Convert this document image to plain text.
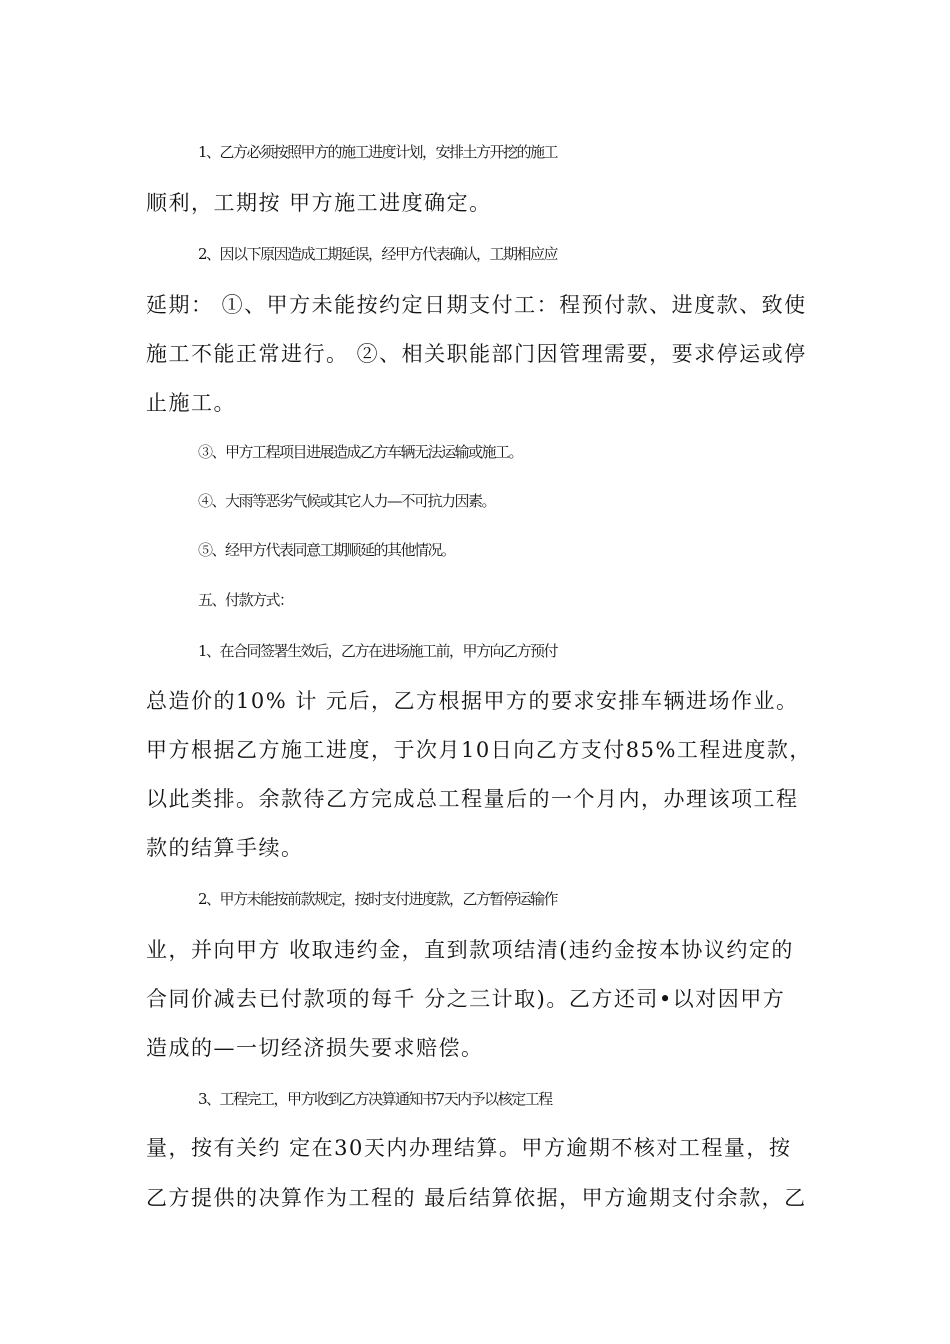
1、乙方必须按照甲方的施工进度计划，安排土方开挖的施工
顺利，工期按 甲方施工进度确定。
2、因以下原因造成工期延误，经甲方代表确认，工期相应应
延期： ①、甲方未能按约定日期支付工：程预付款、进度款、致使
施工不能正常进行。 ②、相关职能部门因管理需要，要求停运或停
止施工。
③、甲方工程项目进展造成乙方车辆无法运输或施工。
④、大雨等恶劣气候或其它人力—不可抗力因素。
⑤、经甲方代表同意工期顺延的其他情况。
五、付款方式：
1、在合同签署生效后，乙方在进场施工前，甲方向乙方预付
总造价的10% 计 元后，乙方根据甲方的要求安排车辆进场作业。
甲方根据乙方施工进度，于次月10日向乙方支付85%工程进度款，
以此类排。余款待乙方完成总工程量后的一个月内，办理该项工程
款的结算手续。
2、甲方未能按前款规定，按时支付进度款，乙方暂停运输作
业，并向甲方 收取违约金，直到款项结清(违约金按本协议约定的
合同价减去已付款项的每千 分之三计取)。乙方还司•以对因甲方
造成的—一切经济损失要求赔偿。
3、工程完工，甲方收到乙方决算通知书7天内予以核定工程
量，按有关约 定在30天内办理结算。甲方逾期不核对工程量，按
乙方提供的决算作为工程的 最后结算依据，甲方逾期支付余款，乙
